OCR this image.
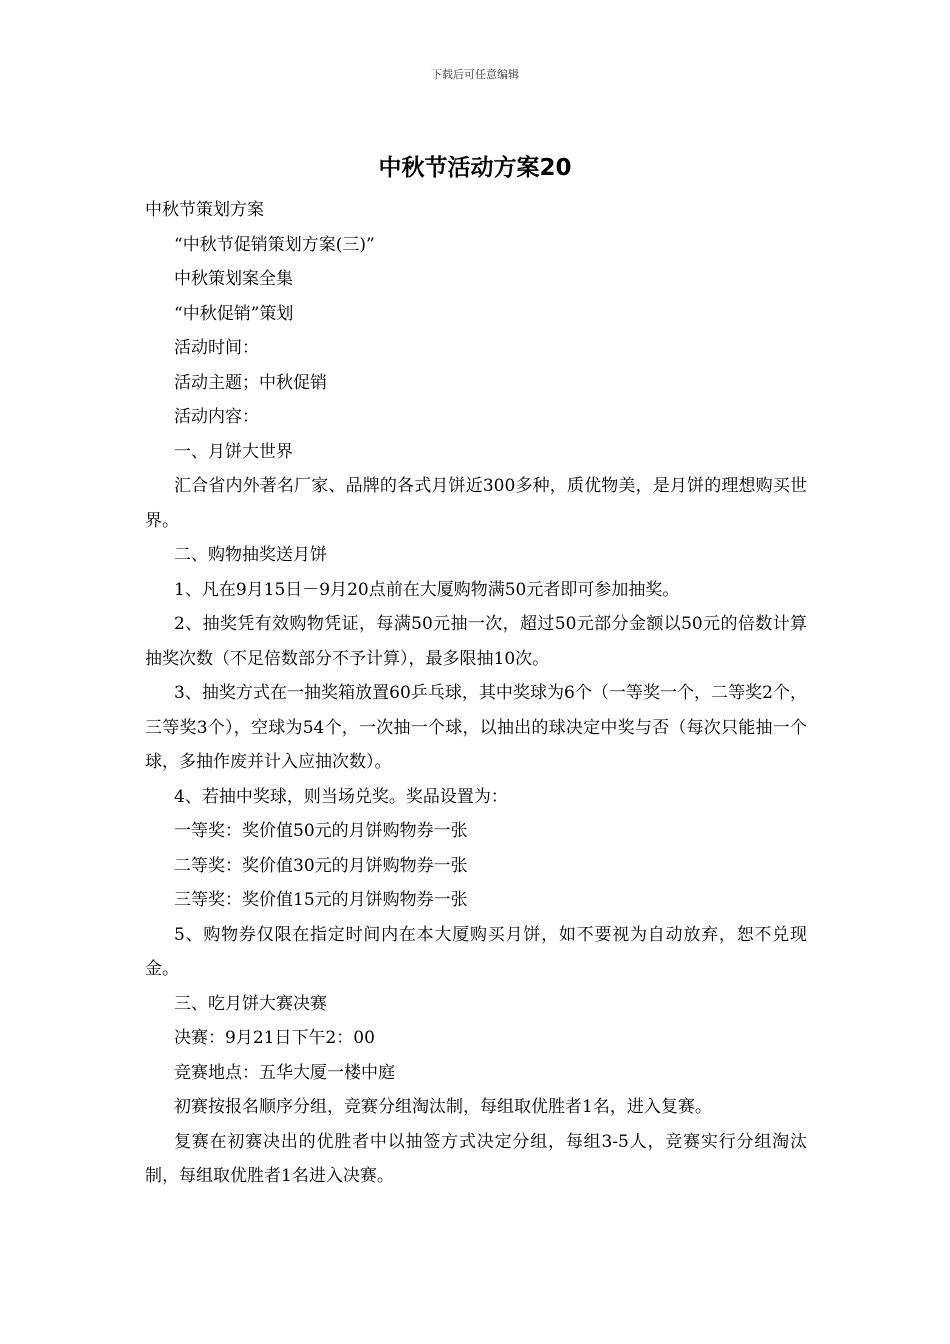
下载后可任意编辑
中秋节活动方案20

中秋节策划方案

“中秋节促销策划方案(三)”

中秋策划案全集

“中秋促销”策划

活动时间：

活动主题；中秋促销

活动内容：

一、月饼大世界

汇合省内外著名厂家、品牌的各式月饼近300多种，质优物美，是月饼的理想购买世界。

二、购物抽奖送月饼

1、凡在9月15日－9月20点前在大厦购物满50元者即可参加抽奖。

2、抽奖凭有效购物凭证，每满50元抽一次，超过50元部分金额以50元的倍数计算抽奖次数（不足倍数部分不予计算），最多限抽10次。

3、抽奖方式在一抽奖箱放置60乒乓球，其中奖球为6个（一等奖一个，二等奖2个，三等奖3个），空球为54个，一次抽一个球，以抽出的球决定中奖与否（每次只能抽一个球，多抽作废并计入应抽次数）。

4、若抽中奖球，则当场兑奖。奖品设置为：

一等奖：奖价值50元的月饼购物券一张

二等奖：奖价值30元的月饼购物券一张

三等奖：奖价值15元的月饼购物券一张

5、购物券仅限在指定时间内在本大厦购买月饼，如不要视为自动放弃，恕不兑现金。

三、吃月饼大赛决赛

决赛：9月21日下午2：00

竞赛地点：五华大厦一楼中庭

初赛按报名顺序分组，竞赛分组淘汰制，每组取优胜者1名，进入复赛。

复赛在初赛决出的优胜者中以抽签方式决定分组，每组3-5人，竞赛实行分组淘汰制，每组取优胜者1名进入决赛。
